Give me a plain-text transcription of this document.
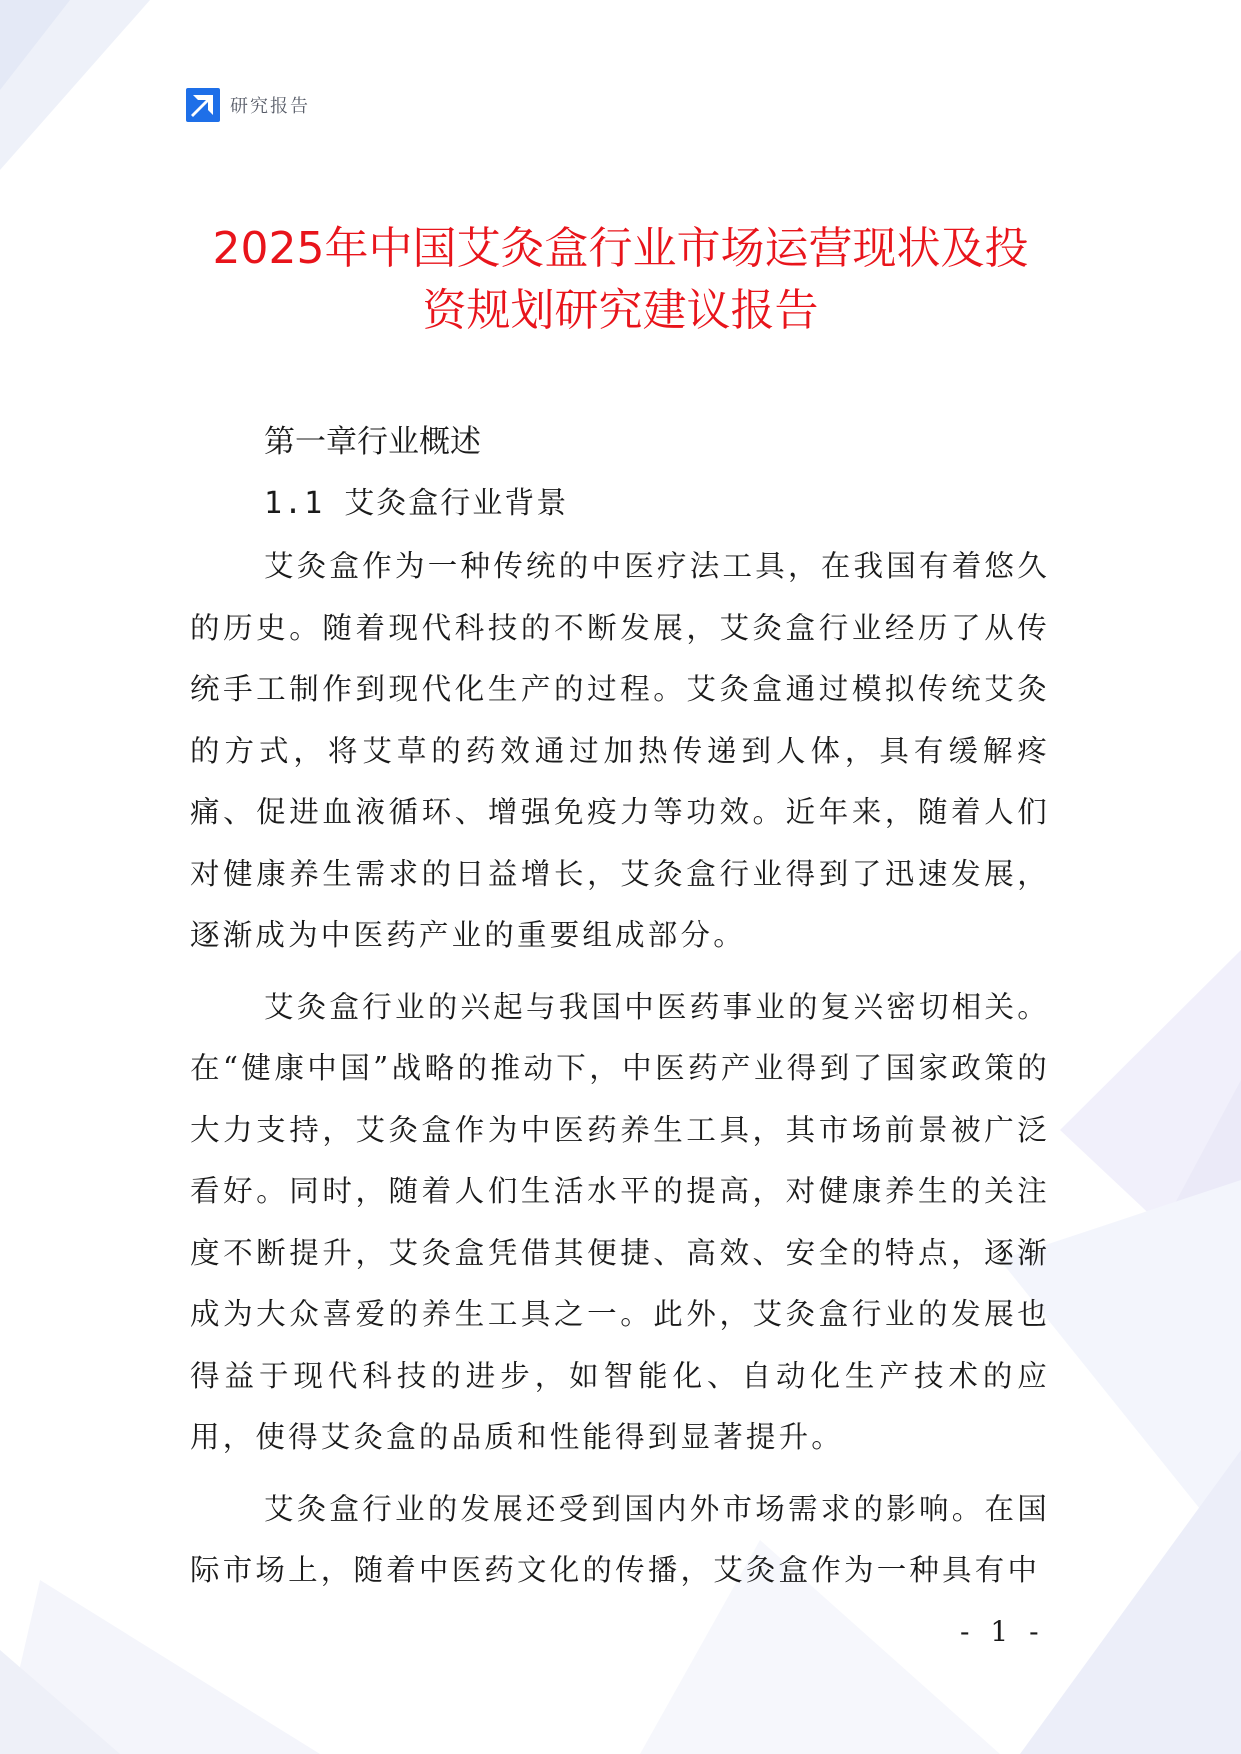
研究报告
2025年中国艾灸盒行业市场运营现状及投
资规划研究建议报告
第一章行业概述
1.1 艾灸盒行业背景

艾灸盒作为一种传统的中医疗法工具，在我国有着悠久的历史。随着现代科技的不断发展，艾灸盒行业经历了从传统手工制作到现代化生产的过程。艾灸盒通过模拟传统艾灸的方式，将艾草的药效通过加热传递到人体，具有缓解疼痛、促进血液循环、增强免疫力等功效。近年来，随着人们对健康养生需求的日益增长，艾灸盒行业得到了迅速发展，逐渐成为中医药产业的重要组成部分。

艾灸盒行业的兴起与我国中医药事业的复兴密切相关。在“健康中国”战略的推动下，中医药产业得到了国家政策的大力支持，艾灸盒作为中医药养生工具，其市场前景被广泛看好。同时，随着人们生活水平的提高，对健康养生的关注度不断提升，艾灸盒凭借其便捷、高效、安全的特点，逐渐成为大众喜爱的养生工具之一。此外，艾灸盒行业的发展也得益于现代科技的进步，如智能化、自动化生产技术的应用，使得艾灸盒的品质和性能得到显著提升。

艾灸盒行业的发展还受到国内外市场需求的影响。在国际市场上，随着中医药文化的传播，艾灸盒作为一种具有中

- 1 -
